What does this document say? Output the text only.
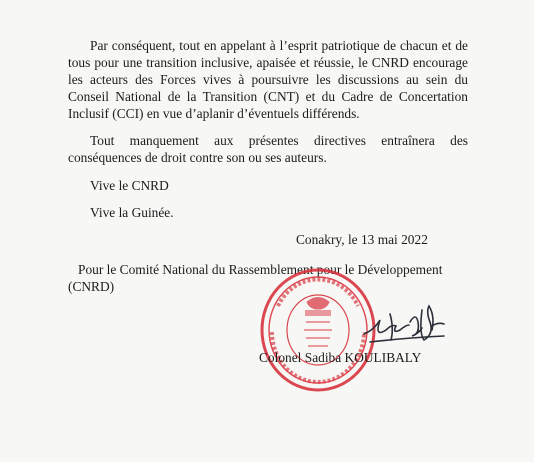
Par conséquent, tout en appelant à l’esprit patriotique de chacun et de tous pour une transition inclusive, apaisée et réussie, le CNRD encourage les acteurs des Forces vives à poursuivre les discussions au sein du Conseil National de la Transition (CNT) et du Cadre de Concertation Inclusif (CCI) en vue d’aplanir d’éventuels différends.

Tout manquement aux présentes directives entraînera des conséquences de droit contre son ou ses auteurs.

Vive le CNRD
Vive la Guinée.
Conakry, le 13 mai 2022
Pour le Comité National du Rassemblement pour le Développement (CNRD)
Colonel Sadiba KOULIBALY
